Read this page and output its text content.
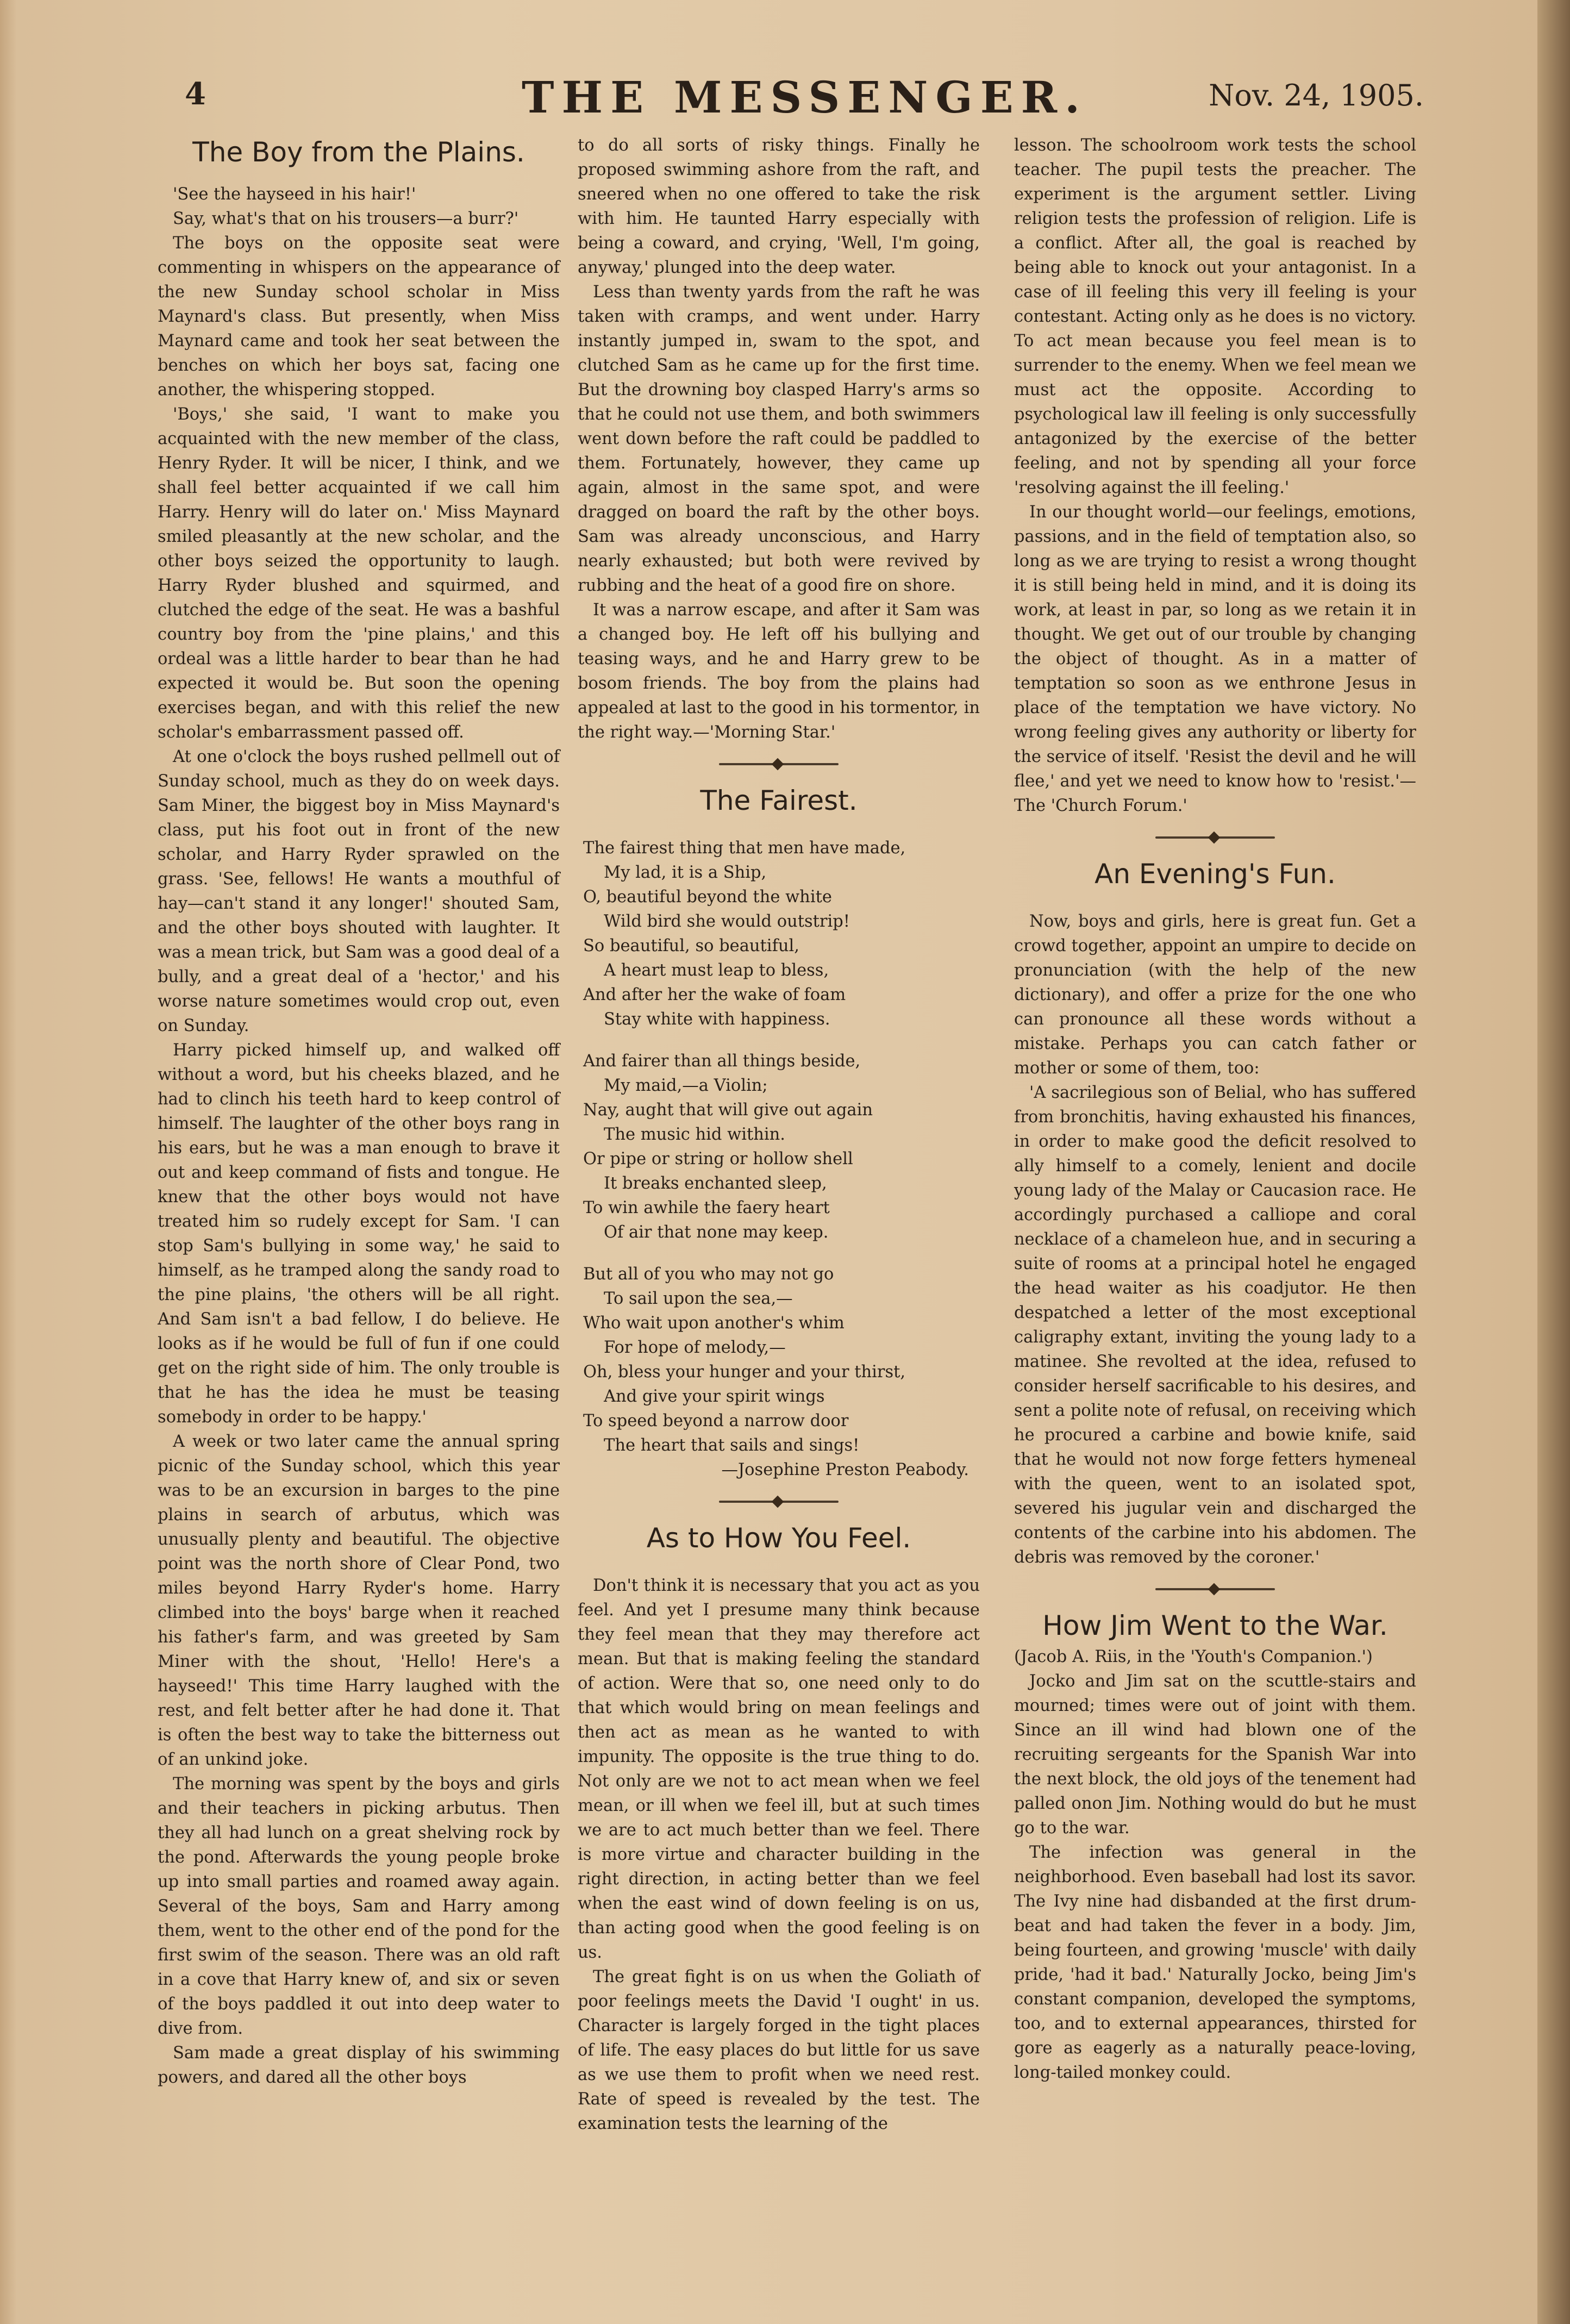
4	THE MESSENGER.	Nov. 24, 1905.
The Boy from the Plains.

'See the hayseed in his hair!'

Say, what's that on his trousers—a burr?'

The boys on the opposite seat were commenting in whispers on the appearance of the new Sunday school scholar in Miss Maynard's class. But presently, when Miss Maynard came and took her seat between the benches on which her boys sat, facing one another, the whispering stopped.

'Boys,' she said, 'I want to make you acquainted with the new member of the class, Henry Ryder. It will be nicer, I think, and we shall feel better acquainted if we call him Harry. Henry will do later on.' Miss Maynard smiled pleasantly at the new scholar, and the other boys seized the opportunity to laugh. Harry Ryder blushed and squirmed, and clutched the edge of the seat. He was a bashful country boy from the 'pine plains,' and this ordeal was a little harder to bear than he had expected it would be. But soon the opening exercises began, and with this relief the new scholar's embarrassment passed off.

At one o'clock the boys rushed pellmell out of Sunday school, much as they do on week days. Sam Miner, the biggest boy in Miss Maynard's class, put his foot out in front of the new scholar, and Harry Ryder sprawled on the grass. 'See, fellows! He wants a mouthful of hay—can't stand it any longer!' shouted Sam, and the other boys shouted with laughter. It was a mean trick, but Sam was a good deal of a bully, and a great deal of a 'hector,' and his worse nature sometimes would crop out, even on Sunday.

Harry picked himself up, and walked off without a word, but his cheeks blazed, and he had to clinch his teeth hard to keep control of himself. The laughter of the other boys rang in his ears, but he was a man enough to brave it out and keep command of fists and tongue. He knew that the other boys would not have treated him so rudely except for Sam. 'I can stop Sam's bullying in some way,' he said to himself, as he tramped along the sandy road to the pine plains, 'the others will be all right. And Sam isn't a bad fellow, I do believe. He looks as if he would be full of fun if one could get on the right side of him. The only trouble is that he has the idea he must be teasing somebody in order to be happy.'

A week or two later came the annual spring picnic of the Sunday school, which this year was to be an excursion in barges to the pine plains in search of arbutus, which was unusually plenty and beautiful. The objective point was the north shore of Clear Pond, two miles beyond Harry Ryder's home. Harry climbed into the boys' barge when it reached his father's farm, and was greeted by Sam Miner with the shout, 'Hello! Here's a hayseed!' This time Harry laughed with the rest, and felt better after he had done it. That is often the best way to take the bitterness out of an unkind joke.

The morning was spent by the boys and girls and their teachers in picking arbutus. Then they all had lunch on a great shelving rock by the pond. Afterwards the young people broke up into small parties and roamed away again. Several of the boys, Sam and Harry among them, went to the other end of the pond for the first swim of the season. There was an old raft in a cove that Harry knew of, and six or seven of the boys paddled it out into deep water to dive from.

Sam made a great display of his swimming powers, and dared all the other boys

to do all sorts of risky things. Finally he proposed swimming ashore from the raft, and sneered when no one offered to take the risk with him. He taunted Harry especially with being a coward, and crying, 'Well, I'm going, anyway,' plunged into the deep water.

Less than twenty yards from the raft he was taken with cramps, and went under. Harry instantly jumped in, swam to the spot, and clutched Sam as he came up for the first time. But the drowning boy clasped Harry's arms so that he could not use them, and both swimmers went down before the raft could be paddled to them. Fortunately, however, they came up again, almost in the same spot, and were dragged on board the raft by the other boys. Sam was already unconscious, and Harry nearly exhausted; but both were revived by rubbing and the heat of a good fire on shore.

It was a narrow escape, and after it Sam was a changed boy. He left off his bullying and teasing ways, and he and Harry grew to be bosom friends. The boy from the plains had appealed at last to the good in his tormentor, in the right way.—'Morning Star.'

The Fairest.
The fairest thing that men have made,
My lad, it is a Ship,
O, beautiful beyond the white
Wild bird she would outstrip!
So beautiful, so beautiful,
A heart must leap to bless,
And after her the wake of foam
Stay white with happiness.
And fairer than all things beside,
My maid,—a Violin;
Nay, aught that will give out again
The music hid within.
Or pipe or string or hollow shell
It breaks enchanted sleep,
To win awhile the faery heart
Of air that none may keep.
But all of you who may not go
To sail upon the sea,—
Who wait upon another's whim
For hope of melody,—
Oh, bless your hunger and your thirst,
And give your spirit wings
To speed beyond a narrow door
The heart that sails and sings!
—Josephine Preston Peabody.
As to How You Feel.

Don't think it is necessary that you act as you feel. And yet I presume many think because they feel mean that they may therefore act mean. But that is making feeling the standard of action. Were that so, one need only to do that which would bring on mean feelings and then act as mean as he wanted to with impunity. The opposite is the true thing to do. Not only are we not to act mean when we feel mean, or ill when we feel ill, but at such times we are to act much better than we feel. There is more virtue and character building in the right direction, in acting better than we feel when the east wind of down feeling is on us, than acting good when the good feeling is on us.

The great fight is on us when the Goliath of poor feelings meets the David 'I ought' in us. Character is largely forged in the tight places of life. The easy places do but little for us save as we use them to profit when we need rest. Rate of speed is revealed by the test. The examination tests the learning of the

lesson. The schoolroom work tests the school teacher. The pupil tests the preacher. The experiment is the argument settler. Living religion tests the profession of religion. Life is a conflict. After all, the goal is reached by being able to knock out your antagonist. In a case of ill feeling this very ill feeling is your contestant. Acting only as he does is no victory. To act mean because you feel mean is to surrender to the enemy. When we feel mean we must act the opposite. According to psychological law ill feeling is only successfully antagonized by the exercise of the better feeling, and not by spending all your force 'resolving against the ill feeling.'

In our thought world—our feelings, emotions, passions, and in the field of temptation also, so long as we are trying to resist a wrong thought it is still being held in mind, and it is doing its work, at least in par, so long as we retain it in thought. We get out of our trouble by changing the object of thought. As in a matter of temptation so soon as we enthrone Jesus in place of the temptation we have victory. No wrong feeling gives any authority or liberty for the service of itself. 'Resist the devil and he will flee,' and yet we need to know how to 'resist.'—The 'Church Forum.'

An Evening's Fun.

Now, boys and girls, here is great fun. Get a crowd together, appoint an umpire to decide on pronunciation (with the help of the new dictionary), and offer a prize for the one who can pronounce all these words without a mistake. Perhaps you can catch father or mother or some of them, too:

'A sacrilegious son of Belial, who has suffered from bronchitis, having exhausted his finances, in order to make good the deficit resolved to ally himself to a comely, lenient and docile young lady of the Malay or Caucasion race. He accordingly purchased a calliope and coral necklace of a chameleon hue, and in securing a suite of rooms at a principal hotel he engaged the head waiter as his coadjutor. He then despatched a letter of the most exceptional caligraphy extant, inviting the young lady to a matinee. She revolted at the idea, refused to consider herself sacrificable to his desires, and sent a polite note of refusal, on receiving which he procured a carbine and bowie knife, said that he would not now forge fetters hymeneal with the queen, went to an isolated spot, severed his jugular vein and discharged the contents of the carbine into his abdomen. The debris was removed by the coroner.'

How Jim Went to the War.

(Jacob A. Riis, in the 'Youth's Companion.')

Jocko and Jim sat on the scuttle-stairs and mourned; times were out of joint with them. Since an ill wind had blown one of the recruiting sergeants for the Spanish War into the next block, the old joys of the tenement had palled onon Jim. Nothing would do but he must go to the war.

The infection was general in the neighborhood. Even baseball had lost its savor. The Ivy nine had disbanded at the first drum-beat and had taken the fever in a body. Jim, being fourteen, and growing 'muscle' with daily pride, 'had it bad.' Naturally Jocko, being Jim's constant companion, developed the symptoms, too, and to external appearances, thirsted for gore as eagerly as a naturally peace-loving, long-tailed monkey could.
